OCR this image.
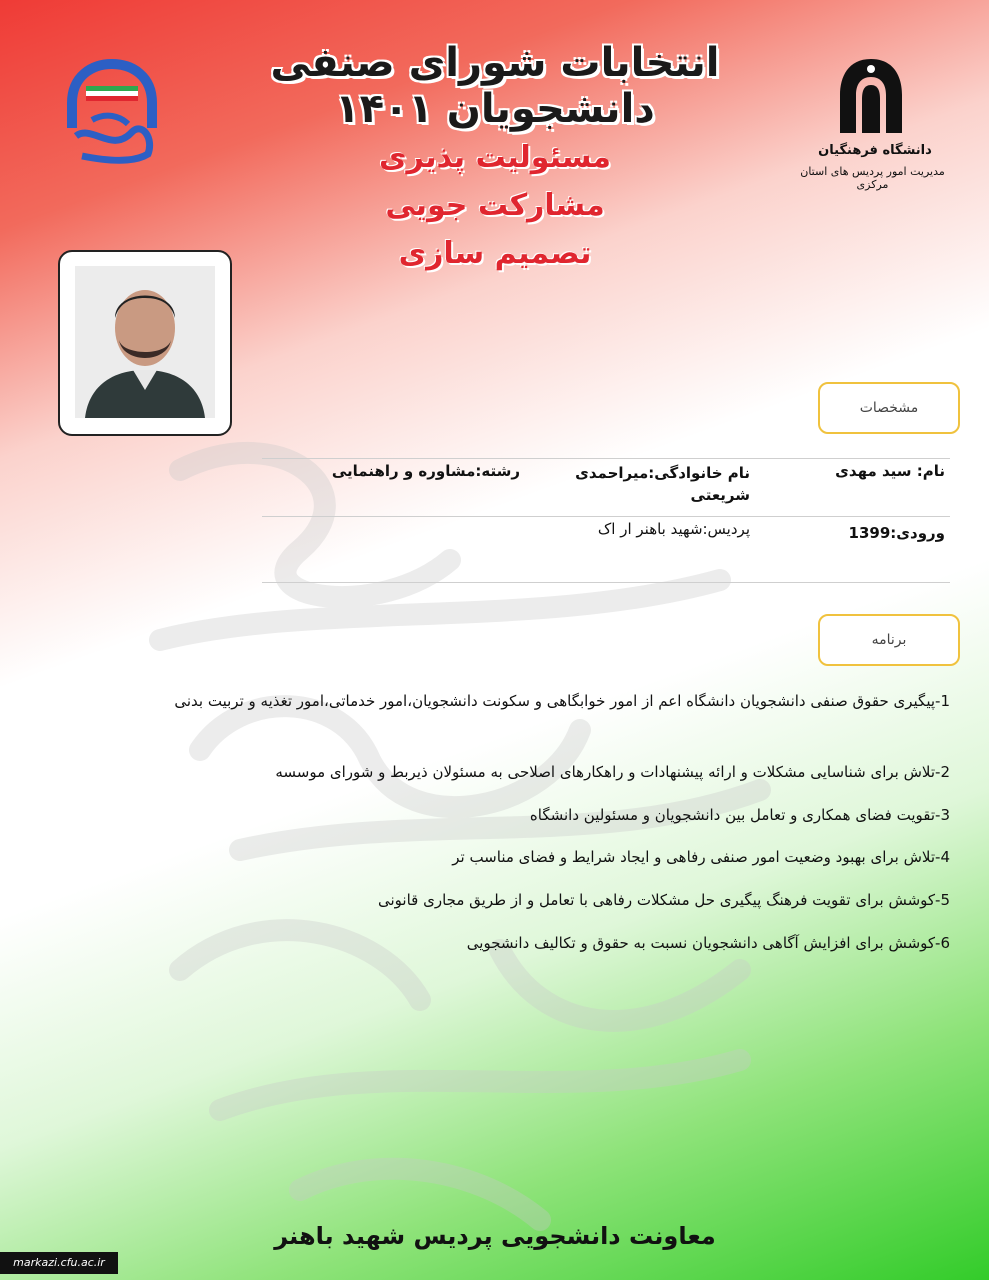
انتخابات شورای صنفی دانشجویان ۱۴۰۱
مسئولیت پذیری
مشارکت جویی
تصمیم سازی
دانشگاه فرهنگیان
مدیریت امور پردیس های استان مرکزی
مشخصات
نام: سید مهدی
نام خانوادگی:میراحمدی شریعتی
رشته:مشاوره و راهنمایی
ورودی:1399
پردیس:شهید باهنر ار اک
برنامه
1-پیگیری حقوق صنفی دانشجویان دانشگاه اعم از امور خوابگاهی و سکونت دانشجویان،امور خدماتی،امور تغذیه و تربیت بدنی
2-تلاش برای شناسایی مشکلات و ارائه پیشنهادات و راهکارهای اصلاحی به مسئولان ذیربط و شورای موسسه
3-تقویت فضای همکاری و تعامل بین دانشجویان و مسئولین دانشگاه
4-تلاش برای بهبود وضعیت امور صنفی رفاهی و ایجاد شرایط و فضای مناسب تر
5-کوشش برای تقویت فرهنگ پیگیری حل مشکلات رفاهی با تعامل و از طریق مجاری قانونی
6-کوشش برای افزایش آگاهی دانشجویان نسبت به حقوق و تکالیف دانشجویی
معاونت دانشجویی پردیس شهید باهنر
markazi.cfu.ac.ir
